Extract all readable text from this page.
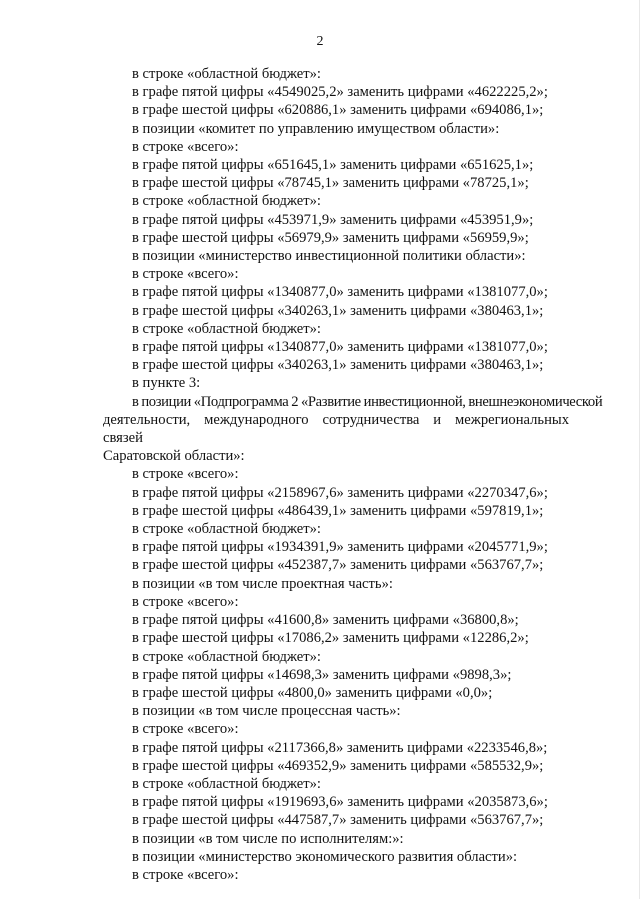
2
в строке «областной бюджет»:
в графе пятой цифры «4549025,2» заменить цифрами «4622225,2»;
в графе шестой цифры «620886,1» заменить цифрами «694086,1»;
в позиции «комитет по управлению имуществом области»:
в строке «всего»:
в графе пятой цифры «651645,1» заменить цифрами «651625,1»;
в графе шестой цифры «78745,1» заменить цифрами «78725,1»;
в строке «областной бюджет»:
в графе пятой цифры «453971,9» заменить цифрами «453951,9»;
в графе шестой цифры «56979,9» заменить цифрами «56959,9»;
в позиции «министерство инвестиционной политики области»:
в строке «всего»:
в графе пятой цифры «1340877,0» заменить цифрами «1381077,0»;
в графе шестой цифры «340263,1» заменить цифрами «380463,1»;
в строке «областной бюджет»:
в графе пятой цифры «1340877,0» заменить цифрами «1381077,0»;
в графе шестой цифры «340263,1» заменить цифрами «380463,1»;
в пункте 3:
в позиции «Подпрограмма 2 «Развитие инвестиционной, внешнеэкономической
деятельности, международного сотрудничества и межрегиональных связей
Саратовской области»:
в строке «всего»:
в графе пятой цифры «2158967,6» заменить цифрами «2270347,6»;
в графе шестой цифры «486439,1» заменить цифрами «597819,1»;
в строке «областной бюджет»:
в графе пятой цифры «1934391,9» заменить цифрами «2045771,9»;
в графе шестой цифры «452387,7» заменить цифрами «563767,7»;
в позиции «в том числе проектная часть»:
в строке «всего»:
в графе пятой цифры «41600,8» заменить цифрами «36800,8»;
в графе шестой цифры «17086,2» заменить цифрами «12286,2»;
в строке «областной бюджет»:
в графе пятой цифры «14698,3» заменить цифрами «9898,3»;
в графе шестой цифры «4800,0» заменить цифрами «0,0»;
в позиции «в том числе процессная часть»:
в строке «всего»:
в графе пятой цифры «2117366,8» заменить цифрами «2233546,8»;
в графе шестой цифры «469352,9» заменить цифрами «585532,9»;
в строке «областной бюджет»:
в графе пятой цифры «1919693,6» заменить цифрами «2035873,6»;
в графе шестой цифры «447587,7» заменить цифрами «563767,7»;
в позиции «в том числе по исполнителям:»:
в позиции «министерство экономического развития области»:
в строке «всего»:
